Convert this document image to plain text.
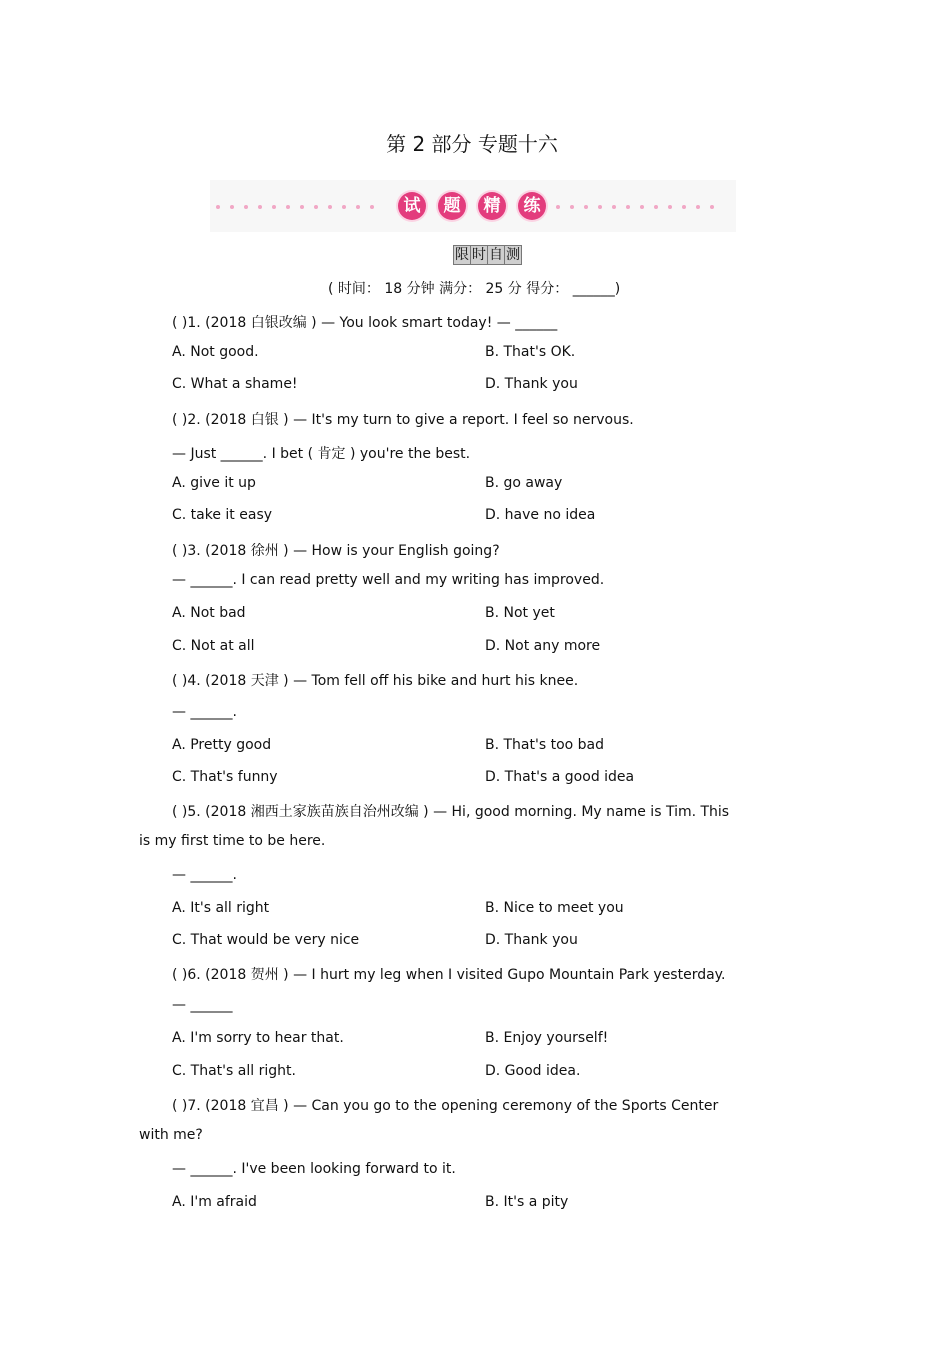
第 2 部分 专题十六
试 题 精 练
限 时 自 测
( 时间： 18 分钟 满分： 25 分 得分： ______)
( )1. (2018 白银改编 ) — You look smart today! — ______
A. Not good.	B. That's OK.
C. What a shame!	D. Thank you
( )2. (2018 白银 ) — It's my turn to give a report. I feel so nervous.
— Just ______. I bet ( 肯定 ) you're the best.
A. give it up	B. go away
C. take it easy	D. have no idea
( )3. (2018 徐州 ) — How is your English going?
— ______. I can read pretty well and my writing has improved.
A. Not bad	B. Not yet
C. Not at all	D. Not any more
( )4. (2018 天津 ) — Tom fell off his bike and hurt his knee.
— ______.
A. Pretty good	B. That's too bad
C. That's funny	D. That's a good idea
( )5. (2018 湘西土家族苗族自治州改编 ) — Hi, good morning. My name is Tim. This
is my first time to be here.
— ______.
A. It's all right	B. Nice to meet you
C. That would be very nice	D. Thank you
( )6. (2018 贺州 ) — I hurt my leg when I visited Gupo Mountain Park yesterday.
— ______
A. I'm sorry to hear that.	B. Enjoy yourself!
C. That's all right.	D. Good idea.
( )7. (2018 宜昌 ) — Can you go to the opening ceremony of the Sports Center
with me?
— ______. I've been looking forward to it.
A. I'm afraid	B. It's a pity
